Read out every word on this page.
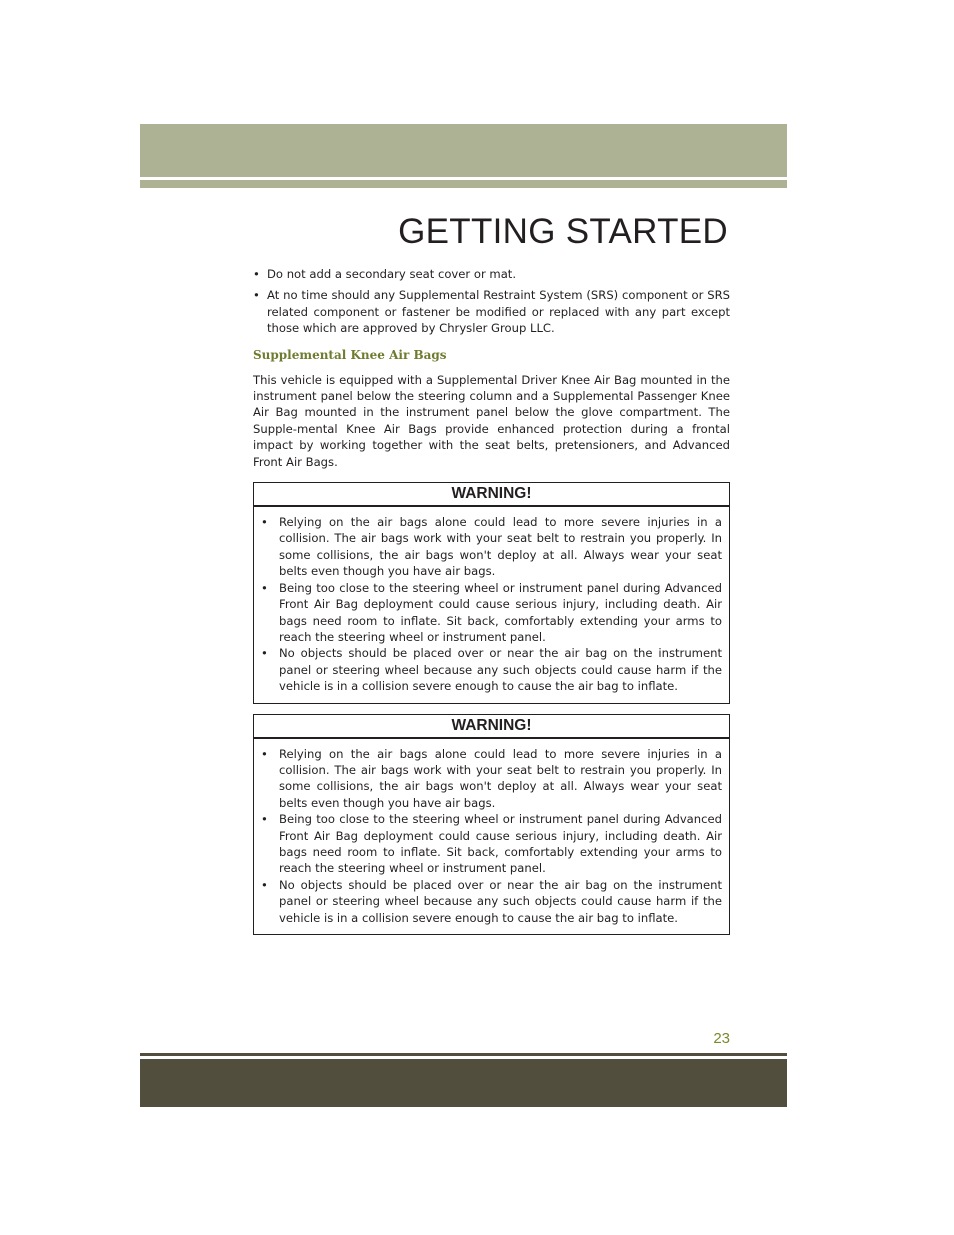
GETTING STARTED
• Do not add a secondary seat cover or mat.
• At no time should any Supplemental Restraint System (SRS) component or SRS related component or fastener be modified or replaced with any part except those which are approved by Chrysler Group LLC.
Supplemental Knee Air Bags

This vehicle is equipped with a Supplemental Driver Knee Air Bag mounted in the instrument panel below the steering column and a Supplemental Passenger Knee Air Bag mounted in the instrument panel below the glove compartment. The Supple-mental Knee Air Bags provide enhanced protection during a frontal impact by working together with the seat belts, pretensioners, and Advanced Front Air Bags.

WARNING!
• Relying on the air bags alone could lead to more severe injuries in a collision. The air bags work with your seat belt to restrain you properly. In some collisions, the air bags won't deploy at all. Always wear your seat belts even though you have air bags.
• Being too close to the steering wheel or instrument panel during Advanced Front Air Bag deployment could cause serious injury, including death. Air bags need room to inflate. Sit back, comfortably extending your arms to reach the steering wheel or instrument panel.
• No objects should be placed over or near the air bag on the instrument panel or steering wheel because any such objects could cause harm if the vehicle is in a collision severe enough to cause the air bag to inflate.
WARNING!
• Relying on the air bags alone could lead to more severe injuries in a collision. The air bags work with your seat belt to restrain you properly. In some collisions, the air bags won't deploy at all. Always wear your seat belts even though you have air bags.
• Being too close to the steering wheel or instrument panel during Advanced Front Air Bag deployment could cause serious injury, including death. Air bags need room to inflate. Sit back, comfortably extending your arms to reach the steering wheel or instrument panel.
• No objects should be placed over or near the air bag on the instrument panel or steering wheel because any such objects could cause harm if the vehicle is in a collision severe enough to cause the air bag to inflate.
23
